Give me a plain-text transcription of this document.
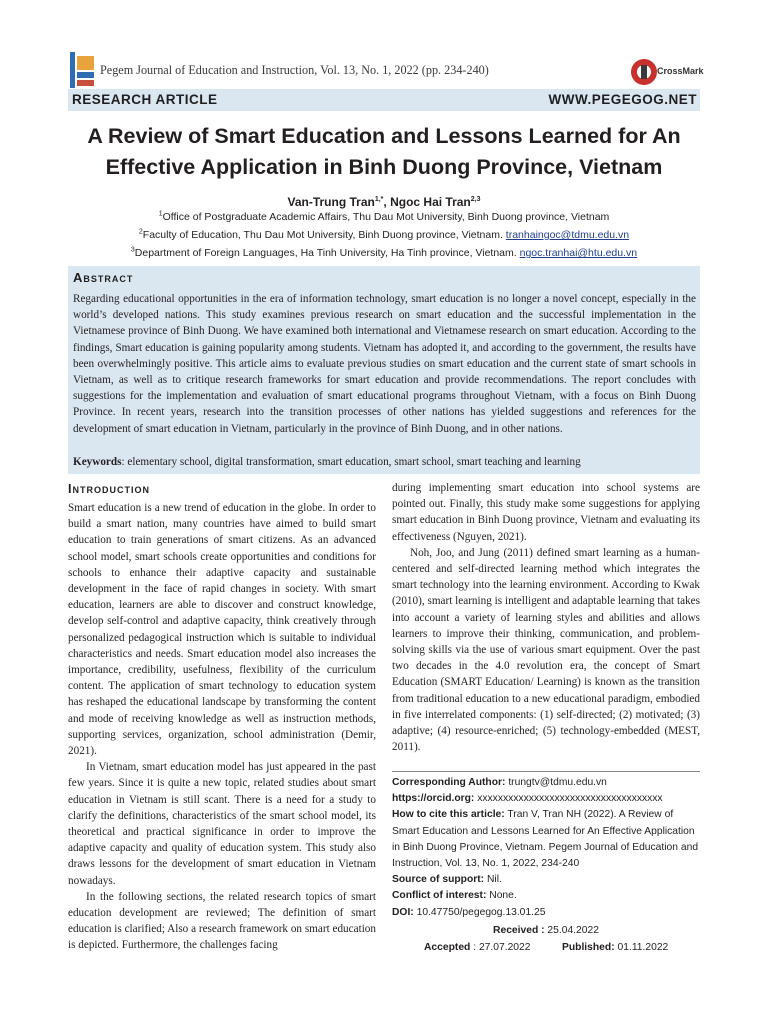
Pegem Journal of Education and Instruction, Vol. 13, No. 1, 2022 (pp. 234-240)	CrossMark
RESEARCH ARTICLE	WWW.PEGEGOG.NET
A Review of Smart Education and Lessons Learned for An
Effective Application in Binh Duong Province, Vietnam
Van-Trung Tran$^{1,*}$, Ngoc Hai Tran$^{2,3}$
$^1$Office of Postgraduate Academic Affairs, Thu Dau Mot University, Binh Duong province, Vietnam
$^2$Faculty of Education, Thu Dau Mot University, Binh Duong province, Vietnam. tranhaingoc@tdmu.edu.vn
$^3$Department of Foreign Languages, Ha Tinh University, Ha Tinh province, Vietnam. ngoc.tranhai@htu.edu.vn
Abstract
Regarding educational opportunities in the era of information technology, smart education is no longer a novel concept, especially in the world’s developed nations. This study examines previous research on smart education and the successful implementation in the Vietnamese province of Binh Duong. We have examined both international and Vietnamese research on smart education. According to the findings, Smart education is gaining popularity among students. Vietnam has adopted it, and according to the government, the results have been overwhelmingly positive. This article aims to evaluate previous studies on smart education and the current state of smart schools in Vietnam, as well as to critique research frameworks for smart education and provide recommendations. The report concludes with suggestions for the implementation and evaluation of smart educational programs throughout Vietnam, with a focus on Binh Duong Province. In recent years, research into the transition processes of other nations has yielded suggestions and references for the development of smart education in Vietnam, particularly in the province of Binh Duong, and in other nations.
Keywords: elementary school, digital transformation, smart education, smart school, smart teaching and learning
Introduction

Smart education is a new trend of education in the globe. In order to build a smart nation, many countries have aimed to build smart education to train generations of smart citizens. As an advanced school model, smart schools create opportunities and conditions for schools to enhance their adaptive capacity and sustainable development in the face of rapid changes in society. With smart education, learners are able to discover and construct knowledge, develop self-control and adaptive capacity, think creatively through personalized pedagogical instruction which is suitable to individual characteristics and needs. Smart education model also increases the importance, credibility, usefulness, flexibility of the curriculum content. The application of smart technology to education system has reshaped the educational landscape by transforming the content and mode of receiving knowledge as well as instruction methods, supporting services, organization, school administration (Demir, 2021).

In Vietnam, smart education model has just appeared in the past few years. Since it is quite a new topic, related studies about smart education in Vietnam is still scant. There is a need for a study to clarify the definitions, characteristics of the smart school model, its theoretical and practical significance in order to improve the adaptive capacity and quality of education system. This study also draws lessons for the development of smart education in Vietnam nowadays.

In the following sections, the related research topics of smart education development are reviewed; The definition of smart education is clarified; Also a research framework on smart education is depicted. Furthermore, the challenges facing

during implementing smart education into school systems are pointed out. Finally, this study make some suggestions for applying smart education in Binh Duong province, Vietnam and evaluating its effectiveness (Nguyen, 2021).

Noh, Joo, and Jung (2011) defined smart learning as a human-centered and self-directed learning method which integrates the smart technology into the learning environment. According to Kwak (2010), smart learning is intelligent and adaptable learning that takes into account a variety of learning styles and abilities and allows learners to improve their thinking, communication, and problem-solving skills via the use of various smart equipment. Over the past two decades in the 4.0 revolution era, the concept of Smart Education (SMART Education/ Learning) is known as the transition from traditional education to a new educational paradigm, embodied in five interrelated components: (1) self-directed; (2) motivated; (3) adaptive; (4) resource-enriched; (5) technology-embedded (MEST, 2011).

Corresponding Author: trungtv@tdmu.edu.vn

https://orcid.org: xxxxxxxxxxxxxxxxxxxxxxxxxxxxxxxxxxxx

How to cite this article: Tran V, Tran NH (2022). A Review of Smart Education and Lessons Learned for An Effective Application in Binh Duong Province, Vietnam. Pegem Journal of Education and Instruction, Vol. 13, No. 1, 2022, 234-240

Source of support: Nil.

Conflict of interest: None.

DOI: 10.47750/pegegog.13.01.25

Received : 25.04.2022
Accepted : 27.07.2022	Published: 01.11.2022
